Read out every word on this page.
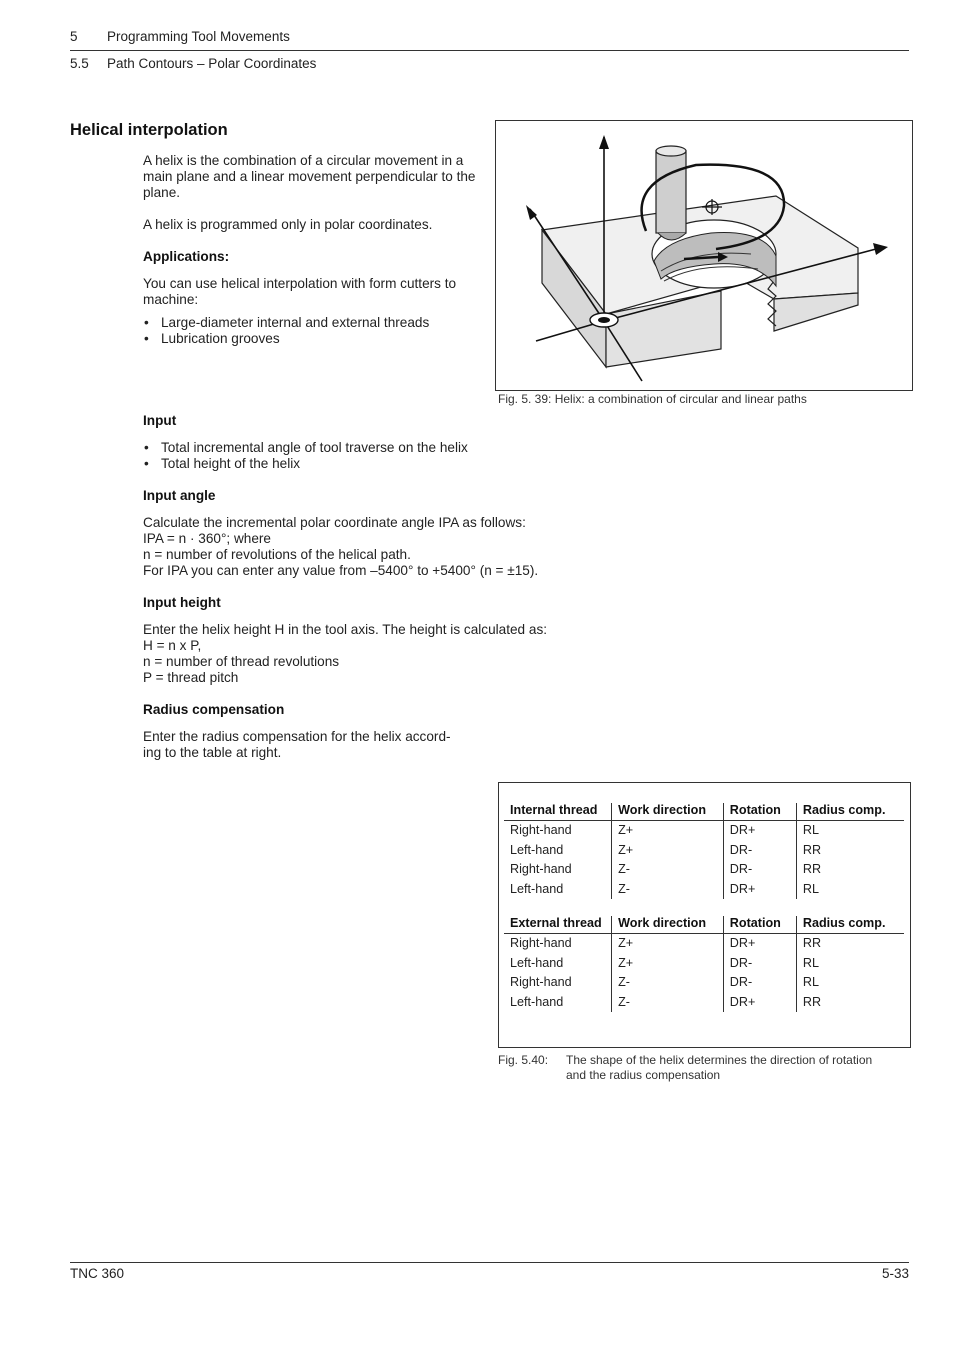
5 Programming Tool Movements
5.5 Path Contours – Polar Coordinates
Helical interpolation

A helix is the combination of a circular movement in a main plane and a linear movement perpendicular to the plane.

A helix is programmed only in polar coordinates.

Applications:

You can use helical interpolation with form cutters to machine:

• Large-diameter internal and external threads
• Lubrication grooves
Fig. 5. 39: Helix: a combination of circular and linear paths

Input

• Total incremental angle of tool traverse on the helix
• Total height of the helix

Input angle

Calculate the incremental polar coordinate angle IPA as follows:

IPA = n · 360°; where

n = number of revolutions of the helical path.

For IPA you can enter any value from –5400° to +5400° (n = ±15).

Input height

Enter the helix height H in the tool axis. The height is calculated as:

H = n x P,

n = number of thread revolutions

P = thread pitch

Radius compensation

Enter the radius compensation for the helix accord-

ing to the table at right.

Internal thread	Work direction	Rotation	Radius comp.
Right-hand	Z+	DR+	RL
Left-hand	Z+	DR-	RR
Right-hand	Z-	DR-	RR
Left-hand	Z-	DR+	RL
External thread	Work direction	Rotation	Radius comp.
Right-hand	Z+	DR+	RR
Left-hand	Z+	DR-	RL
Right-hand	Z-	DR-	RL
Left-hand	Z-	DR+	RR
Fig. 5.40: The shape of the helix determines the direction of rotation
and the radius compensation
TNC 360	5-33
